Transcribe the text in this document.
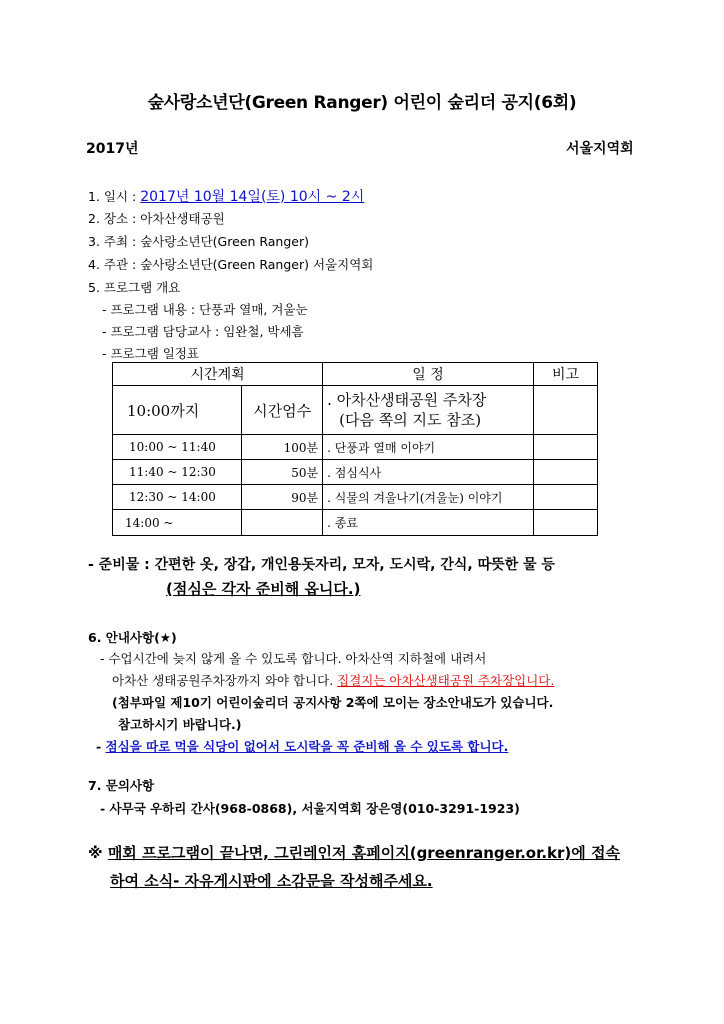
숲사랑소년단(Green Ranger) 어린이 숲리더 공지(6회)
2017년	서울지역회
1. 일시 : 2017년 10월 14일(토) 10시 ~ 2시
2. 장소 : 아차산생태공원
3. 주최 : 숲사랑소년단(Green Ranger)
4. 주관 : 숲사랑소년단(Green Ranger) 서울지역회
5. 프로그램 개요
- 프로그램 내용 : 단풍과 열매, 겨울눈
- 프로그램 담당교사 : 임완철, 박세흠
- 프로그램 일정표
시간계획		일 정	비고
10:00까지	시간엄수	. 아차산생태공원 주차장
(다음 쪽의 지도 참조)	

10:00 ~ 11:40	100분	. 단풍과 열매 이야기	
11:40 ~ 12:30	50분	. 점심식사	
12:30 ~ 14:00	90분	. 식물의 겨울나기(겨울눈) 이야기	
14:00 ~		. 종료	
- 준비물 : 간편한 옷, 장갑, 개인용돗자리, 모자, 도시락, 간식, 따뜻한 물 등
(점심은 각자 준비해 옵니다.)
6. 안내사항(★)
- 수업시간에 늦지 않게 올 수 있도록 합니다. 아차산역 지하철에 내려서
아차산 생태공원주차장까지 와야 합니다. 집결지는 아차산생태공원 주차장입니다.
(첨부파일 제10기 어린이숲리더 공지사항 2쪽에 모이는 장소안내도가 있습니다.
참고하시기 바랍니다.)
- 점심을 따로 먹을 식당이 없어서 도시락을 꼭 준비해 올 수 있도록 합니다.
7. 문의사항
- 사무국 우하리 간사(968-0868), 서울지역회 장은영(010-3291-1923)
※ 매회 프로그램이 끝나면, 그린레인저 홈페이지(greenranger.or.kr)에 접속
하여 소식- 자유게시판에 소감문을 작성해주세요.
